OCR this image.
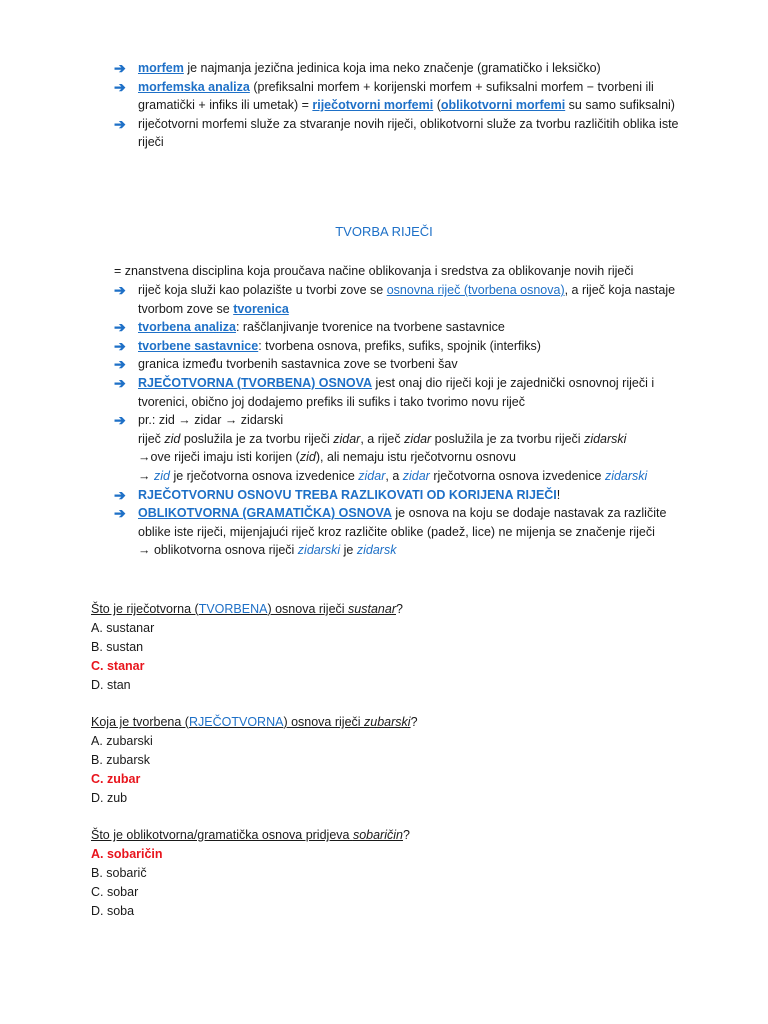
➔ morfem je najmanja jezična jedinica koja ima neko značenje (gramatičko i leksičko)
➔ morfemska analiza (prefiksalni morfem + korijenski morfem + sufiksalni morfem − tvorbeni ili gramatički + infiks ili umetak) = riječotvorni morfemi (oblikotvorni morfemi su samo sufiksalni)
➔ riječotvorni morfemi služe za stvaranje novih riječi, oblikotvorni služe za tvorbu različitih oblika iste riječi
TVORBA RIJEČI
= znanstvena disciplina koja proučava načine oblikovanja i sredstva za oblikovanje novih riječi
➔ riječ koja služi kao polazište u tvorbi zove se osnovna riječ (tvorbena osnova), a riječ koja nastaje tvorbom zove se tvorenica
➔ tvorbena analiza: raščlanjivanje tvorenice na tvorbene sastavnice
➔ tvorbene sastavnice: tvorbena osnova, prefiks, sufiks, spojnik (interfiks)
➔ granica između tvorbenih sastavnica zove se tvorbeni šav
➔ RJEČOTVORNA (TVORBENA) OSNOVA jest onaj dio riječi koji je zajednički osnovnoj riječi i tvorenici, obično joj dodajemo prefiks ili sufiks i tako tvorimo novu riječ
➔ pr.: zid → zidar → zidarski
riječ zid poslužila je za tvorbu riječi zidar, a riječ zidar poslužila je za tvorbu riječi zidarski
→ove riječi imaju isti korijen (zid), ali nemaju istu rječotvornu osnovu
→ zid je rječotvorna osnova izvedenice zidar, a zidar rječotvorna osnova izvedenice zidarski
➔ RJEČOTVORNU OSNOVU TREBA RAZLIKOVATI OD KORIJENA RIJEČI!
➔ OBLIKOTVORNA (GRAMATIČKA) OSNOVA je osnova na koju se dodaje nastavak za različite oblike iste riječi, mijenjajući riječ kroz različite oblike (padež, lice) ne mijenja se značenje riječi
→ oblikotvorna osnova riječi zidarski je zidarsk
Što je riječotvorna (TVORBENA) osnova riječi sustanar?
A. sustanar
B. sustan
C. stanar
D. stan
Koja je tvorbena (RJEČOTVORNA) osnova riječi zubarski?
A. zubarski
B. zubarsk
C. zubar
D. zub
Što je oblikotvorna/gramatička osnova pridjeva sobaričin?
A. sobaričin
B. sobarič
C. sobar
D. soba
